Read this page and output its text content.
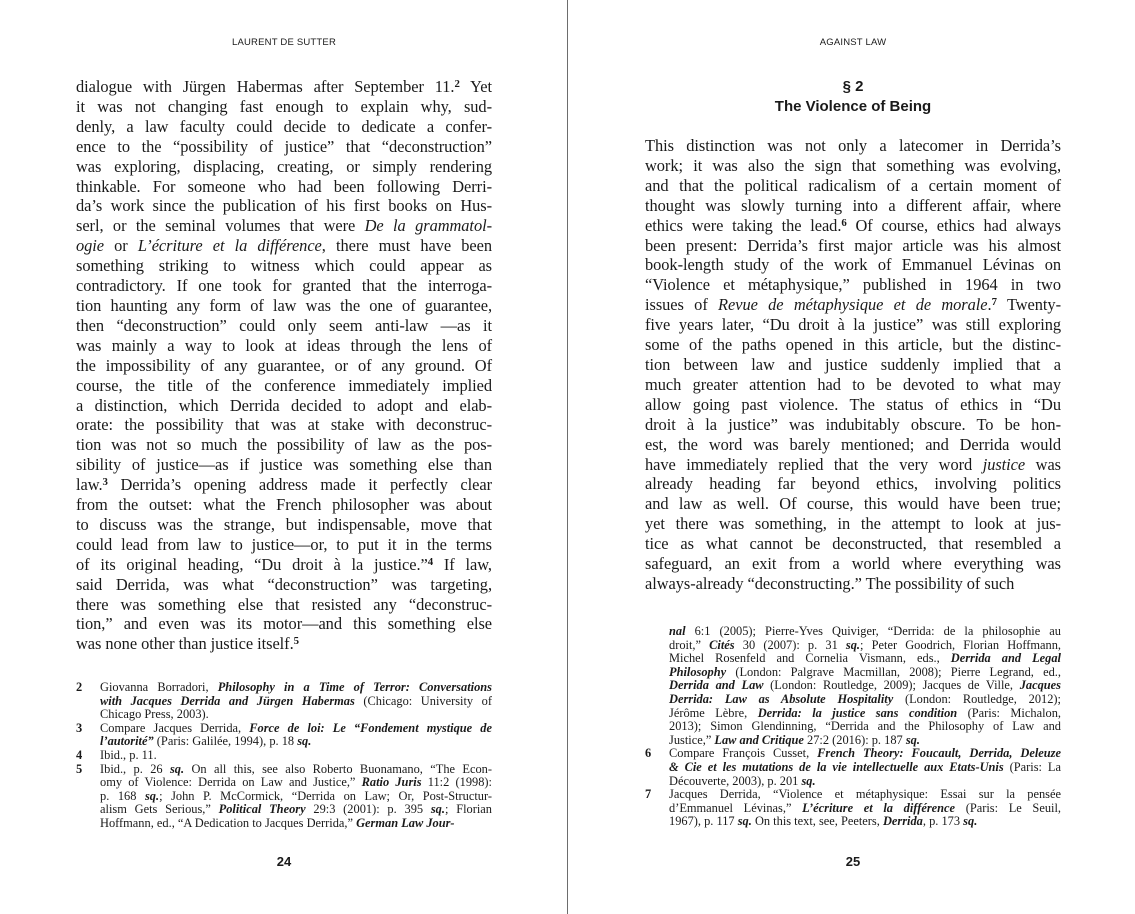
LAURENT DE SUTTER
dialogue with Jürgen Habermas after September 11.$^2$ Yet
it was not changing fast enough to explain why, sud-
denly, a law faculty could decide to dedicate a confer-
ence to the “possibility of justice” that “deconstruction”
was exploring, displacing, creating, or simply rendering
thinkable. For someone who had been following Derri-
da’s work since the publication of his first books on Hus-
serl, or the seminal volumes that were De la grammatol-
ogie or L’écriture et la différence, there must have been
something striking to witness which could appear as
contradictory. If one took for granted that the interroga-
tion haunting any form of law was the one of guarantee,
then “deconstruction” could only seem anti-law —as it
was mainly a way to look at ideas through the lens of
the impossibility of any guarantee, or of any ground. Of
course, the title of the conference immediately implied
a distinction, which Derrida decided to adopt and elab-
orate: the possibility that was at stake with deconstruc-
tion was not so much the possibility of law as the pos-
sibility of justice—as if justice was something else than
law.$^3$ Derrida’s opening address made it perfectly clear
from the outset: what the French philosopher was about
to discuss was the strange, but indispensable, move that
could lead from law to justice—or, to put it in the terms
of its original heading, “Du droit à la justice.”$^4$ If law,
said Derrida, was what “deconstruction” was targeting,
there was something else that resisted any “deconstruc-
tion,” and even was its motor—and this something else
was none other than justice itself.$^5$
2 Giovanna Borradori, Philosophy in a Time of Terror: Conversations
with Jacques Derrida and Jürgen Habermas (Chicago: University of
Chicago Press, 2003).
3 Compare Jacques Derrida, Force de loi: Le “Fondement mystique de
l’autorité” (Paris: Galilée, 1994), p. 18 sq.
4 Ibid., p. 11.
5 Ibid., p. 26 sq. On all this, see also Roberto Buonamano, “The Econ-
omy of Violence: Derrida on Law and Justice,” Ratio Juris 11:2 (1998):
p. 168 sq.; John P. McCormick, “Derrida on Law; Or, Post-Structur-
alism Gets Serious,” Political Theory 29:3 (2001): p. 395 sq.; Florian
Hoffmann, ed., “A Dedication to Jacques Derrida,” German Law Jour-
24
AGAINST LAW
§ 2
The Violence of Being
This distinction was not only a latecomer in Derrida’s
work; it was also the sign that something was evolving,
and that the political radicalism of a certain moment of
thought was slowly turning into a different affair, where
ethics were taking the lead.$^6$ Of course, ethics had always
been present: Derrida’s first major article was his almost
book-length study of the work of Emmanuel Lévinas on
“Violence et métaphysique,” published in 1964 in two
issues of Revue de métaphysique et de morale.$^7$ Twenty-
five years later, “Du droit à la justice” was still exploring
some of the paths opened in this article, but the distinc-
tion between law and justice suddenly implied that a
much greater attention had to be devoted to what may
allow going past violence. The status of ethics in “Du
droit à la justice” was indubitably obscure. To be hon-
est, the word was barely mentioned; and Derrida would
have immediately replied that the very word justice was
already heading far beyond ethics, involving politics
and law as well. Of course, this would have been true;
yet there was something, in the attempt to look at jus-
tice as what cannot be deconstructed, that resembled a
safeguard, an exit from a world where everything was
always-already “deconstructing.” The possibility of such
nal 6:1 (2005); Pierre-Yves Quiviger, “Derrida: de la philosophie au
droit,” Cités 30 (2007): p. 31 sq.; Peter Goodrich, Florian Hoffmann,
Michel Rosenfeld and Cornelia Vismann, eds., Derrida and Legal
Philosophy (London: Palgrave Macmillan, 2008); Pierre Legrand, ed.,
Derrida and Law (London: Routledge, 2009); Jacques de Ville, Jacques
Derrida: Law as Absolute Hospitality (London: Routledge, 2012);
Jérôme Lèbre, Derrida: la justice sans condition (Paris: Michalon,
2013); Simon Glendinning, “Derrida and the Philosophy of Law and
Justice,” Law and Critique 27:2 (2016): p. 187 sq.
6 Compare François Cusset, French Theory: Foucault, Derrida, Deleuze
& Cie et les mutations de la vie intellectuelle aux Etats-Unis (Paris: La
Découverte, 2003), p. 201 sq.
7 Jacques Derrida, “Violence et métaphysique: Essai sur la pensée
d’Emmanuel Lévinas,” L’écriture et la différence (Paris: Le Seuil,
1967), p. 117 sq. On this text, see, Peeters, Derrida, p. 173 sq.
25
